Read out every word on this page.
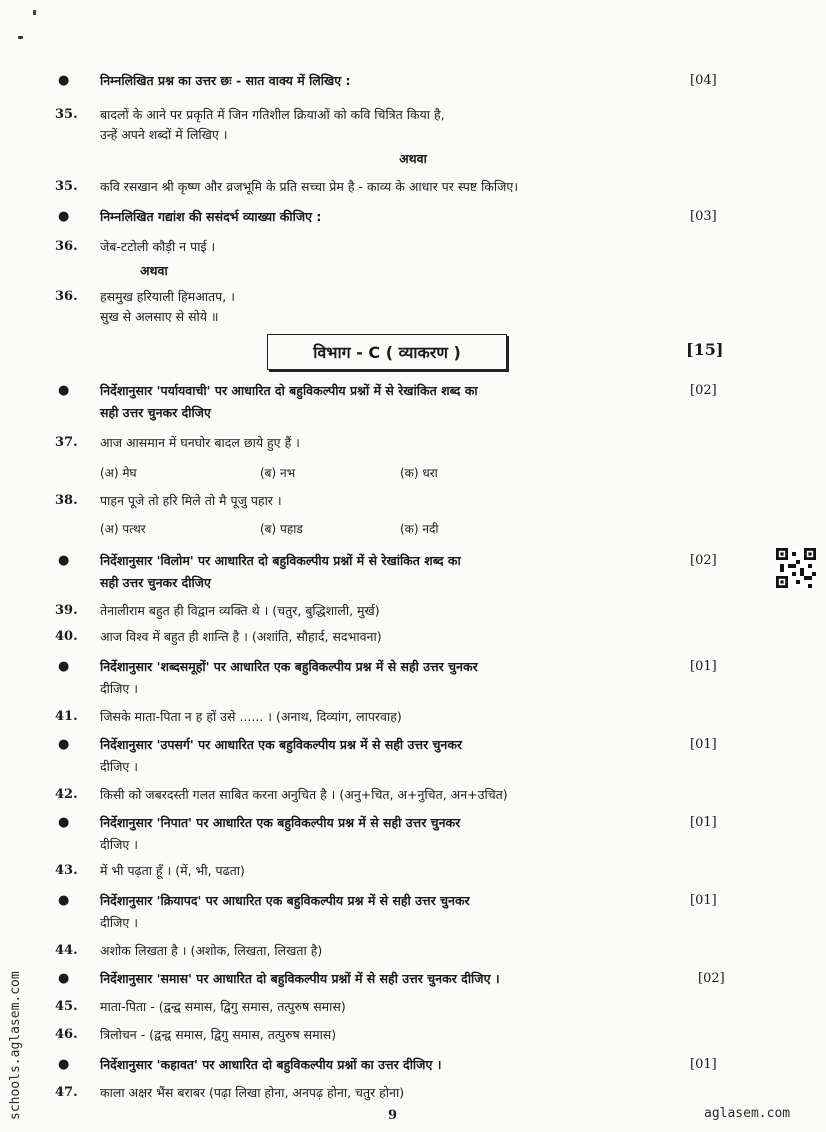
● निम्नलिखित प्रश्न का उत्तर छः - सात वाक्य में लिखिए :	[04]
35. बादलों के आने पर प्रकृति में जिन गतिशील क्रियाओं को कवि चित्रित किया है,
उन्हें अपने शब्दों में लिखिए ।
अथवा
35. कवि रसखान श्री कृष्ण और व्रजभूमि के प्रति सच्चा प्रेम है - काव्य के आधार पर स्पष्ट किजिए।
● निम्नलिखित गद्यांश की ससंदर्भ व्याख्या कीजिए :	[03]
36. जेब-टटोली कौड़ी न पाई ।
अथवा
36. हसमुख हरियाली हिमआतप, ।
सुख से अलसाए से सोये ॥
विभाग - C ( व्याकरण )	[15]
● निर्देशानुसार 'पर्यायवाची' पर आधारित दो बहुविकल्पीय प्रश्नों में से रेखांकित शब्द का
सही उत्तर चुनकर दीजिए
[02]
37. आज आसमान में घनघोर बादल छाये हुए हैं ।
(अ) मेघ	(ब) नभ	(क) धरा
38. पाहन पूजे तो हरि मिले तो मै पूजु पहार ।
(अ) पत्थर	(ब) पहाड	(क) नदी
● निर्देशानुसार 'विलोम' पर आधारित दो बहुविकल्पीय प्रश्नों में से रेखांकित शब्द का
सही उत्तर चुनकर दीजिए
[02]
39. तेनालीराम बहुत ही विद्वान व्यक्ति थे । (चतुर, बुद्धिशाली, मुर्ख)
40. आज विश्व में बहुत ही शान्ति है । (अशांति, सौहार्द, सदभावना)
● निर्देशानुसार 'शब्दसमूहों' पर आधारित एक बहुविकल्पीय प्रश्न में से सही उत्तर चुनकर
दीजिए ।
[01]
41. जिसके माता-पिता न ह हों उसे ...... । (अनाथ, दिव्यांग, लापरवाह)
● निर्देशानुसार 'उपसर्ग' पर आधारित एक बहुविकल्पीय प्रश्न में से सही उत्तर चुनकर
दीजिए ।
[01]
42. किसी को जबरदस्ती गलत साबित करना अनुचित है । (अनु+चित, अ+नुचित, अन+उचित)
● निर्देशानुसार 'निपात' पर आधारित एक बहुविकल्पीय प्रश्न में से सही उत्तर चुनकर
दीजिए ।
[01]
43. में भी पढ़ता हूँ । (में, भी, पढता)
● निर्देशानुसार 'क्रियापद' पर आधारित एक बहुविकल्पीय प्रश्न में से सही उत्तर चुनकर
दीजिए ।
[01]
44. अशोक लिखता है । (अशोक, लिखता, लिखता है)
● निर्देशानुसार 'समास' पर आधारित दो बहुविकल्पीय प्रश्नों में से सही उत्तर चुनकर दीजिए ।	[02]
45. माता-पिता - (द्वन्द्व समास, द्विगु समास, तत्पुरुष समास)
46. त्रिलोचन - (द्वन्द्व समास, द्विगु समास, तत्पुरुष समास)
● निर्देशानुसार 'कहावत' पर आधारित दो बहुविकल्पीय प्रश्नों का उत्तर दीजिए ।	[01]
47. काला अक्षर भैंस बराबर (पढ़ा लिखा होना, अनपढ़ होना, चतुर होना)
9	aglasem.com
schools.aglasem.com
